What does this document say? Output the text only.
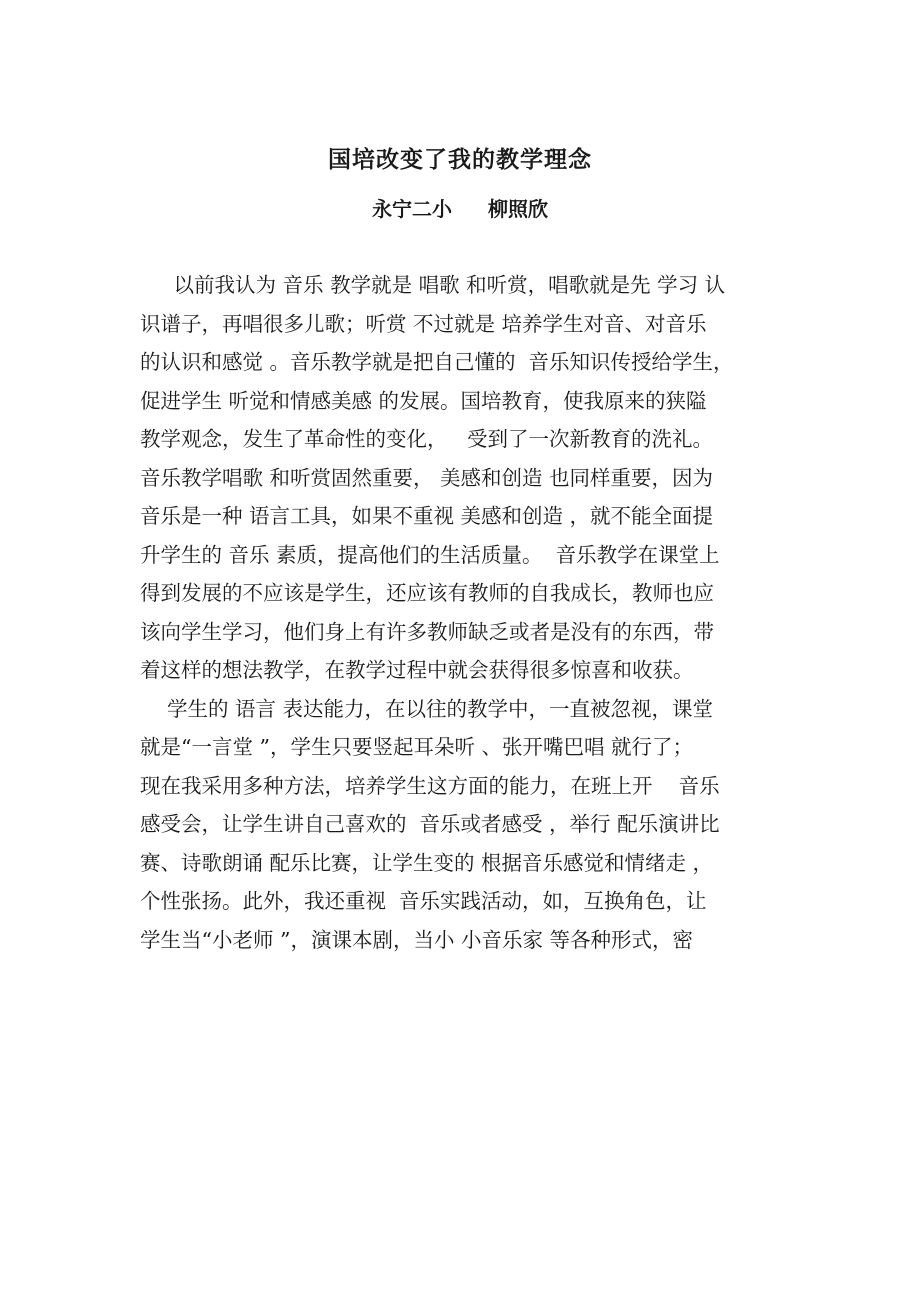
国培改变了我的教学理念
永宁二小 柳照欣
　  以前我认为 音乐 教学就是 唱歌 和听赏，唱歌就是先 学习 认
识谱子，再唱很多儿歌；听赏 不过就是 培养学生对音、对音乐
的认识和感觉 。音乐教学就是把自己懂的  音乐知识传授给学生，
促进学生 听觉和情感美感 的发展。国培教育，使我原来的狭隘
教学观念，发生了革命性的变化，   受到了一次新教育的洗礼。
音乐教学唱歌 和听赏固然重要， 美感和创造 也同样重要，因为
音乐是一种 语言工具，如果不重视 美感和创造 ，就不能全面提
升学生的 音乐 素质，提高他们的生活质量。  音乐教学在课堂上
得到发展的不应该是学生，还应该有教师的自我成长，教师也应
该向学生学习，他们身上有许多教师缺乏或者是没有的东西，带
着这样的想法教学，在教学过程中就会获得很多惊喜和收获。
　 学生的 语言 表达能力，在以往的教学中，一直被忽视，课堂
就是“一言堂 ”，学生只要竖起耳朵听 、张开嘴巴唱 就行了；
现在我采用多种方法，培养学生这方面的能力，在班上开    音乐
感受会，让学生讲自己喜欢的  音乐或者感受 ，举行 配乐演讲比
赛、诗歌朗诵 配乐比赛，让学生变的 根据音乐感觉和情绪走 ，
个性张扬。此外，我还重视  音乐实践活动，如，互换角色，让
学生当“小老师 ”，演课本剧，当小 小音乐家 等各种形式，密
